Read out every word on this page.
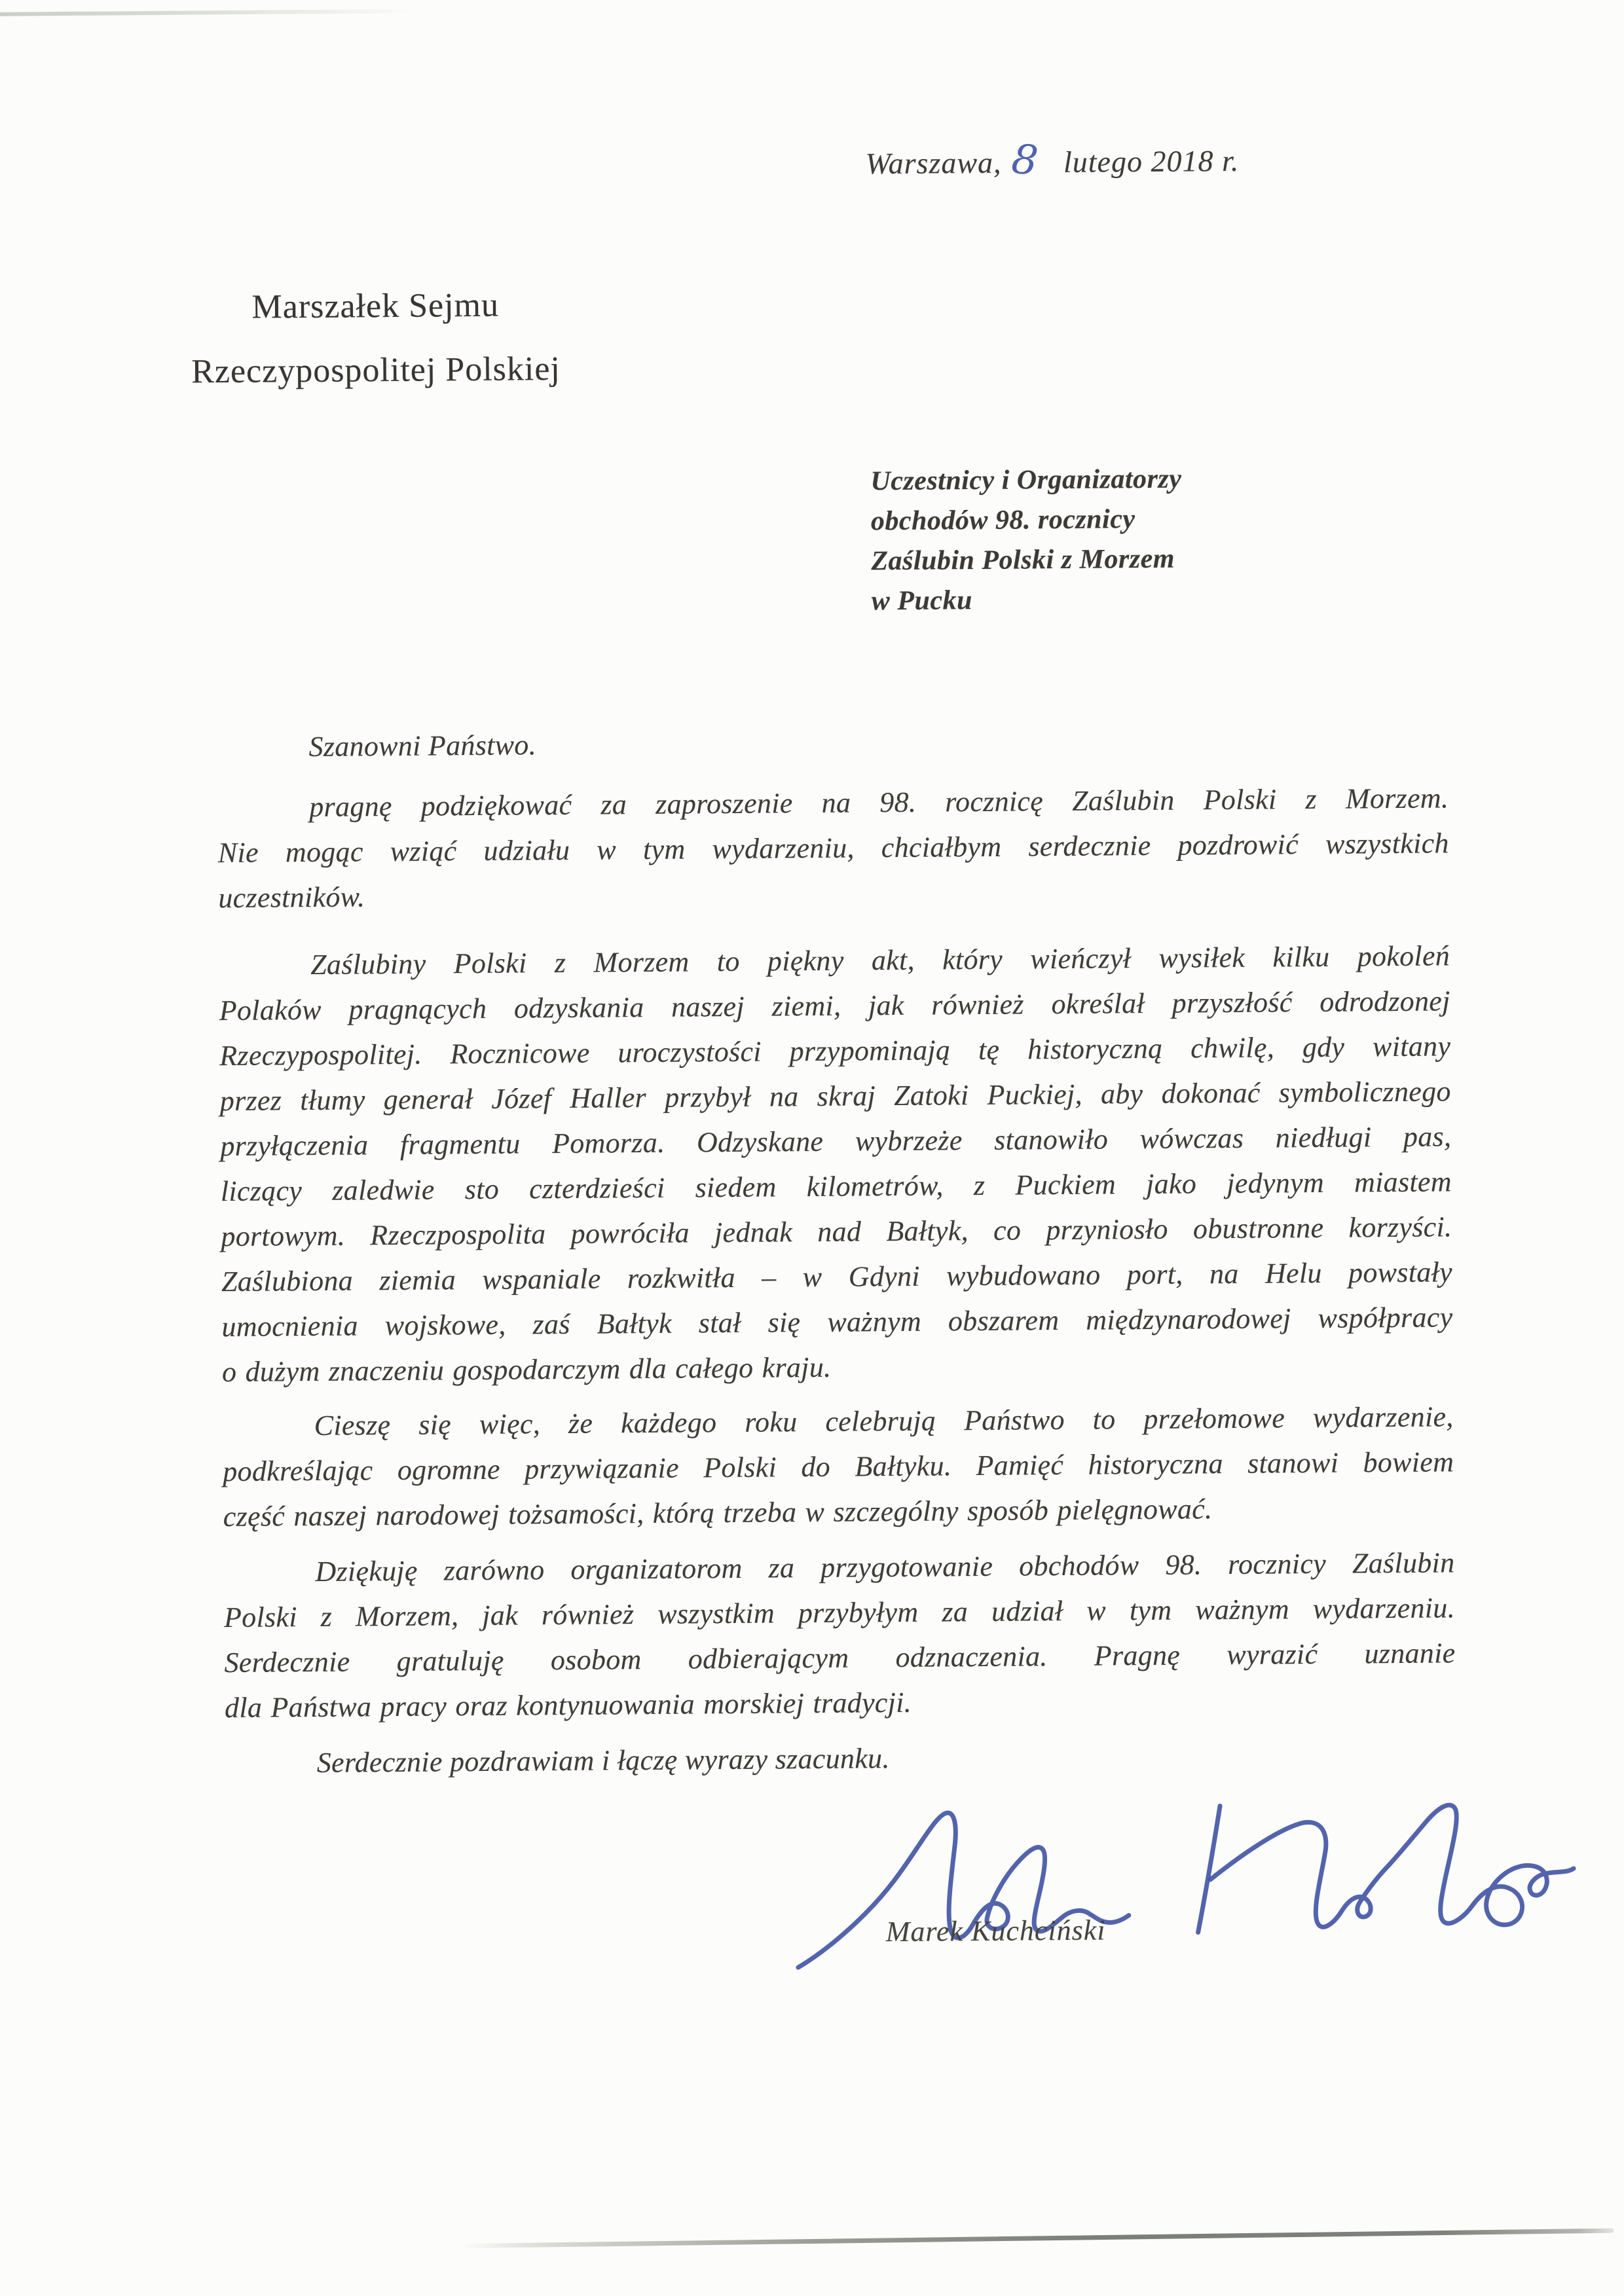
Warszawa, 8 lutego 2018 r.
Marszałek Sejmu
Rzeczypospolitej Polskiej
Uczestnicy i Organizatorzy
obchodów 98. rocznicy
Zaślubin Polski z Morzem
w Pucku
Szanowni Państwo.
pragnę podziękować za zaproszenie na 98. rocznicę Zaślubin Polski z Morzem.
Nie mogąc wziąć udziału w tym wydarzeniu, chciałbym serdecznie pozdrowić wszystkich
uczestników.
Zaślubiny Polski z Morzem to piękny akt, który wieńczył wysiłek kilku pokoleń
Polaków pragnących odzyskania naszej ziemi, jak również określał przyszłość odrodzonej
Rzeczypospolitej. Rocznicowe uroczystości przypominają tę historyczną chwilę, gdy witany
przez tłumy generał Józef Haller przybył na skraj Zatoki Puckiej, aby dokonać symbolicznego
przyłączenia fragmentu Pomorza. Odzyskane wybrzeże stanowiło wówczas niedługi pas,
liczący zaledwie sto czterdzieści siedem kilometrów, z Puckiem jako jedynym miastem
portowym. Rzeczpospolita powróciła jednak nad Bałtyk, co przyniosło obustronne korzyści.
Zaślubiona ziemia wspaniale rozkwitła – w Gdyni wybudowano port, na Helu powstały
umocnienia wojskowe, zaś Bałtyk stał się ważnym obszarem międzynarodowej współpracy
o dużym znaczeniu gospodarczym dla całego kraju.
Cieszę się więc, że każdego roku celebrują Państwo to przełomowe wydarzenie,
podkreślając ogromne przywiązanie Polski do Bałtyku. Pamięć historyczna stanowi bowiem
część naszej narodowej tożsamości, którą trzeba w szczególny sposób pielęgnować.
Dziękuję zarówno organizatorom za przygotowanie obchodów 98. rocznicy Zaślubin
Polski z Morzem, jak również wszystkim przybyłym za udział w tym ważnym wydarzeniu.
Serdecznie gratuluję osobom odbierającym odznaczenia. Pragnę wyrazić uznanie
dla Państwa pracy oraz kontynuowania morskiej tradycji.
Serdecznie pozdrawiam i łączę wyrazy szacunku.
Marek Kuchciński
